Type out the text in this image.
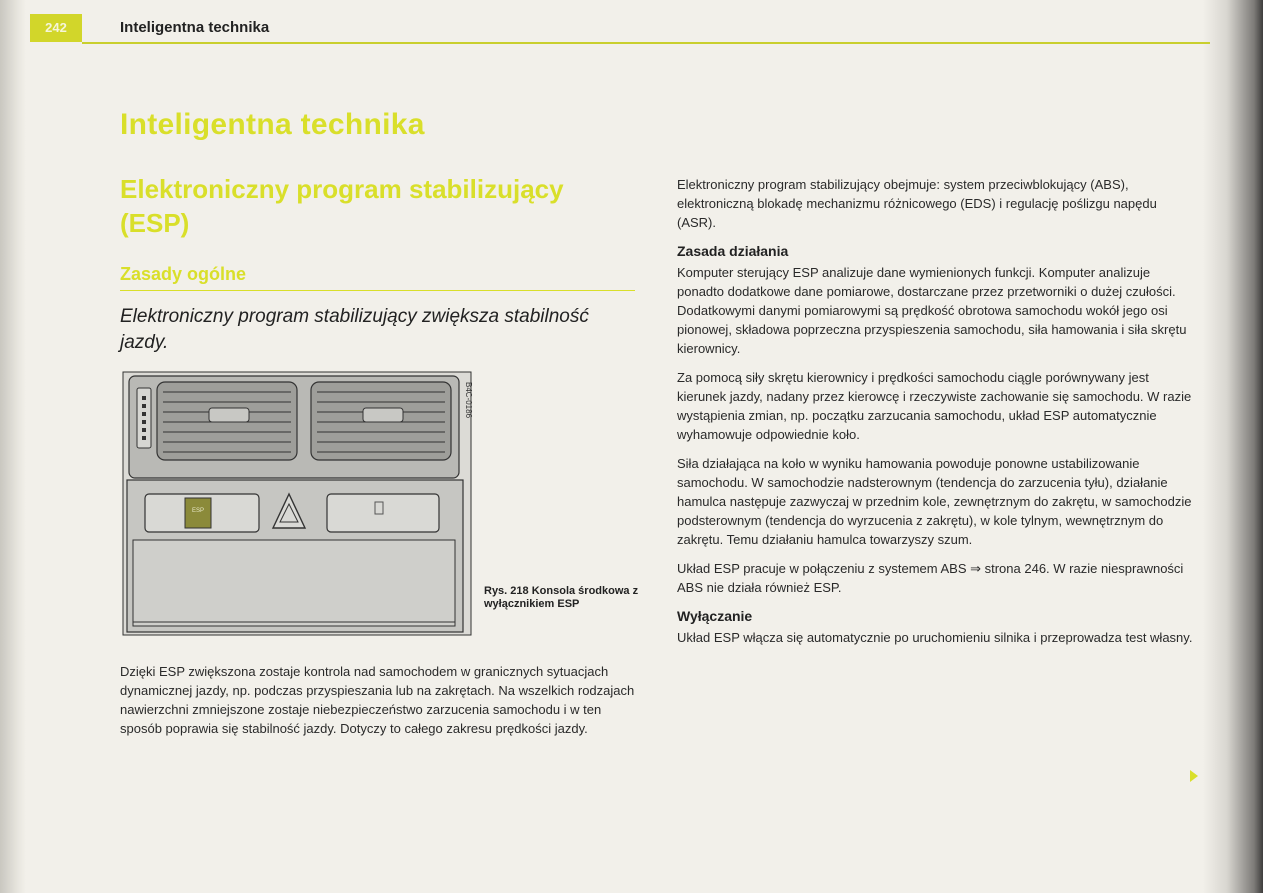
242	Inteligentna technika
Inteligentna technika
Elektroniczny program stabilizujący (ESP)
Zasady ogólne
Elektroniczny program stabilizujący zwiększa stabilność jazdy.
ESP
B4C-0186
Rys. 218 Konsola środkowa z wyłącznikiem ESP
Dzięki ESP zwiększona zostaje kontrola nad samochodem w granicznych sytuacjach dynamicznej jazdy, np. podczas przyspieszania lub na zakrętach. Na wszelkich rodzajach nawierzchni zmniejszone zostaje niebezpieczeństwo zarzucenia samochodu i w ten sposób poprawia się stabilność jazdy. Dotyczy to całego zakresu prędkości jazdy.

Elektroniczny program stabilizujący obejmuje: system przeciwblokujący (ABS), elektroniczną blokadę mechanizmu różnicowego (EDS) i regulację poślizgu napędu (ASR).

Zasada działania

Komputer sterujący ESP analizuje dane wymienionych funkcji. Komputer analizuje ponadto dodatkowe dane pomiarowe, dostarczane przez przetworniki o dużej czułości. Dodatkowymi danymi pomiarowymi są prędkość obrotowa samochodu wokół jego osi pionowej, składowa poprzeczna przyspieszenia samochodu, siła hamowania i siła skrętu kierownicy.

Za pomocą siły skrętu kierownicy i prędkości samochodu ciągle porównywany jest kierunek jazdy, nadany przez kierowcę i rzeczywiste zachowanie się samochodu. W razie wystąpienia zmian, np. początku zarzucania samochodu, układ ESP automatycznie wyhamowuje odpowiednie koło.

Siła działająca na koło w wyniku hamowania powoduje ponowne ustabilizowanie samochodu. W samochodzie nadsterownym (tendencja do zarzucenia tyłu), działanie hamulca następuje zazwyczaj w przednim kole, zewnętrznym do zakrętu, w samochodzie podsterownym (tendencja do wyrzucenia z zakrętu), w kole tylnym, wewnętrznym do zakrętu. Temu działaniu hamulca towarzyszy szum.

Układ ESP pracuje w połączeniu z systemem ABS ⇒ strona 246. W razie niesprawności ABS nie działa również ESP.

Wyłączanie

Układ ESP włącza się automatycznie po uruchomieniu silnika i przeprowadza test własny.
